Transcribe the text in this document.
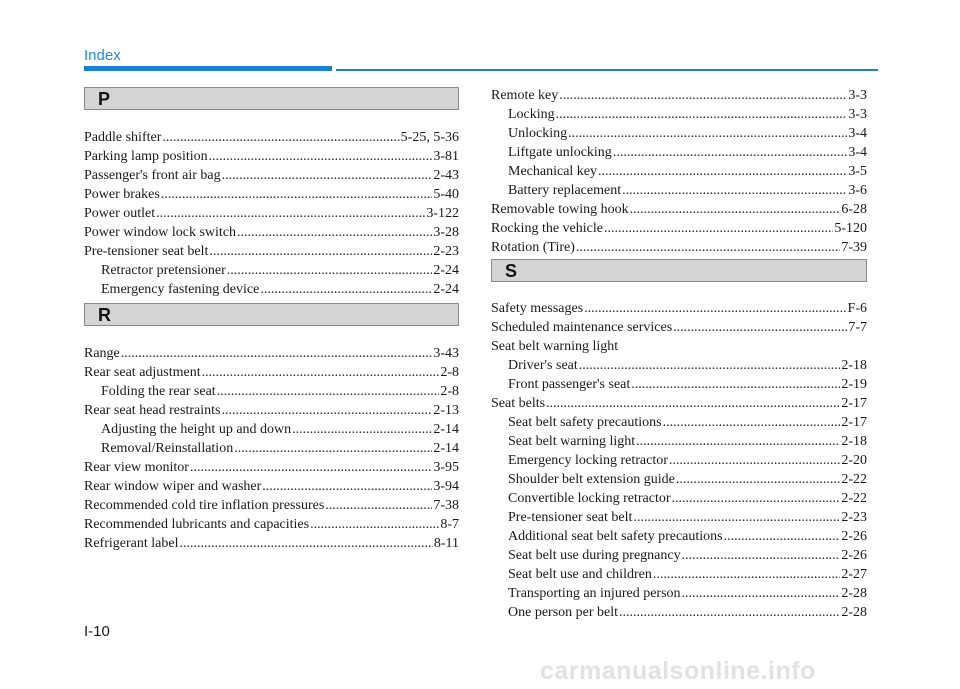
Index
P
R
S
Paddle shifter .....	5-25, 5-36
Parking lamp position .....	3-81
Passenger's front air bag .....	2-43
Power brakes .....	5-40
Power outlet .....	3-122
Power window lock switch .....	3-28
Pre-tensioner seat belt .....	2-23
Retractor pretensioner .....	2-24
Emergency fastening device .....	2-24
Range .....	3-43
Rear seat adjustment .....	2-8
Folding the rear seat .....	2-8
Rear seat head restraints .....	2-13
Adjusting the height up and down .....	2-14
Removal/Reinstallation .....	2-14
Rear view monitor .....	3-95
Rear window wiper and washer .....	3-94
Recommended cold tire inflation pressures .....	7-38
Recommended lubricants and capacities .....	8-7
Refrigerant label .....	8-11
Remote key .....	3-3
Locking .....	3-3
Unlocking .....	3-4
Liftgate unlocking .....	3-4
Mechanical key .....	3-5
Battery replacement .....	3-6
Removable towing hook .....	6-28
Rocking the vehicle .....	5-120
Rotation (Tire) .....	7-39
Safety messages .....	F-6
Scheduled maintenance services .....	7-7
Seat belt warning light
Driver's seat .....	2-18
Front passenger's seat .....	2-19
Seat belts .....	2-17
Seat belt safety precautions .....	2-17
Seat belt warning light .....	2-18
Emergency locking retractor .....	2-20
Shoulder belt extension guide .....	2-22
Convertible locking retractor .....	2-22
Pre-tensioner seat belt .....	2-23
Additional seat belt safety precautions .....	2-26
Seat belt use during pregnancy .....	2-26
Seat belt use and children .....	2-27
Transporting an injured person .....	2-28
One person per belt .....	2-28
I-10
carmanualsonline.info
